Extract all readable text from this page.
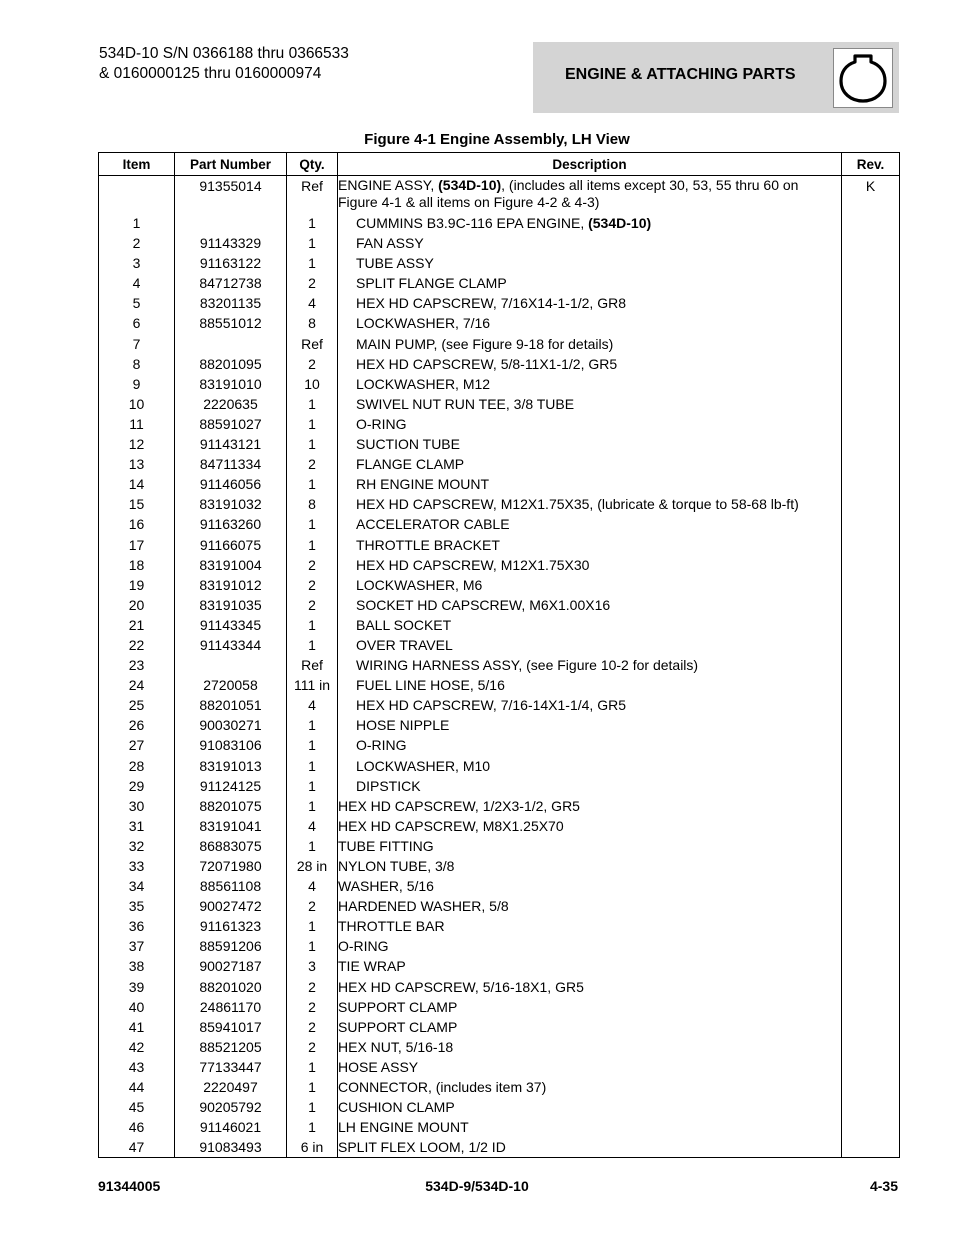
534D-10 S/N 0366188 thru 0366533
& 0160000125 thru 0160000974	ENGINE & ATTACHING PARTS
Figure 4-1 Engine Assembly, LH View
Item	Part Number	Qty.	Description	Rev.
	91355014	Ref	ENGINE ASSY, (534D-10), (includes all items except 30, 53, 55 thru 60 on Figure 4-1 & all items on Figure 4-2 & 4-3)	K
1		1	CUMMINS B3.9C-116 EPA ENGINE, (534D-10)	

2	91143329	1	FAN ASSY	

3	91163122	1	TUBE ASSY	

4	84712738	2	SPLIT FLANGE CLAMP	

5	83201135	4	HEX HD CAPSCREW, 7/16X14-1-1/2, GR8	

6	88551012	8	LOCKWASHER, 7/16	

7		Ref	MAIN PUMP, (see Figure 9-18 for details)	

8	88201095	2	HEX HD CAPSCREW, 5/8-11X1-1/2, GR5	

9	83191010	10	LOCKWASHER, M12	

10	2220635	1	SWIVEL NUT RUN TEE, 3/8 TUBE	

11	88591027	1	O-RING	

12	91143121	1	SUCTION TUBE	

13	84711334	2	FLANGE CLAMP	

14	91146056	1	RH ENGINE MOUNT	

15	83191032	8	HEX HD CAPSCREW, M12X1.75X35, (lubricate & torque to 58-68 lb-ft)	

16	91163260	1	ACCELERATOR CABLE	

17	91166075	1	THROTTLE BRACKET	

18	83191004	2	HEX HD CAPSCREW, M12X1.75X30	

19	83191012	2	LOCKWASHER, M6	

20	83191035	2	SOCKET HD CAPSCREW, M6X1.00X16	

21	91143345	1	BALL SOCKET	

22	91143344	1	OVER TRAVEL	

23		Ref	WIRING HARNESS ASSY, (see Figure 10-2 for details)	

24	2720058	111 in	FUEL LINE HOSE, 5/16	

25	88201051	4	HEX HD CAPSCREW, 7/16-14X1-1/4, GR5	

26	90030271	1	HOSE NIPPLE	

27	91083106	1	O-RING	

28	83191013	1	LOCKWASHER, M10	

29	91124125	1	DIPSTICK	

30	88201075	1	HEX HD CAPSCREW, 1/2X3-1/2, GR5	

31	83191041	4	HEX HD CAPSCREW, M8X1.25X70	

32	86883075	1	TUBE FITTING	

33	72071980	28 in	NYLON TUBE, 3/8	

34	88561108	4	WASHER, 5/16	

35	90027472	2	HARDENED WASHER, 5/8	

36	91161323	1	THROTTLE BAR	

37	88591206	1	O-RING	

38	90027187	3	TIE WRAP	

39	88201020	2	HEX HD CAPSCREW, 5/16-18X1, GR5	

40	24861170	2	SUPPORT CLAMP	

41	85941017	2	SUPPORT CLAMP	

42	88521205	2	HEX NUT, 5/16-18	

43	77133447	1	HOSE ASSY	

44	2220497	1	CONNECTOR, (includes item 37)	

45	90205792	1	CUSHION CLAMP	

46	91146021	1	LH ENGINE MOUNT	

47	91083493	6 in	SPLIT FLEX LOOM, 1/2 ID	

91344005	534D-9/534D-10	4-35
